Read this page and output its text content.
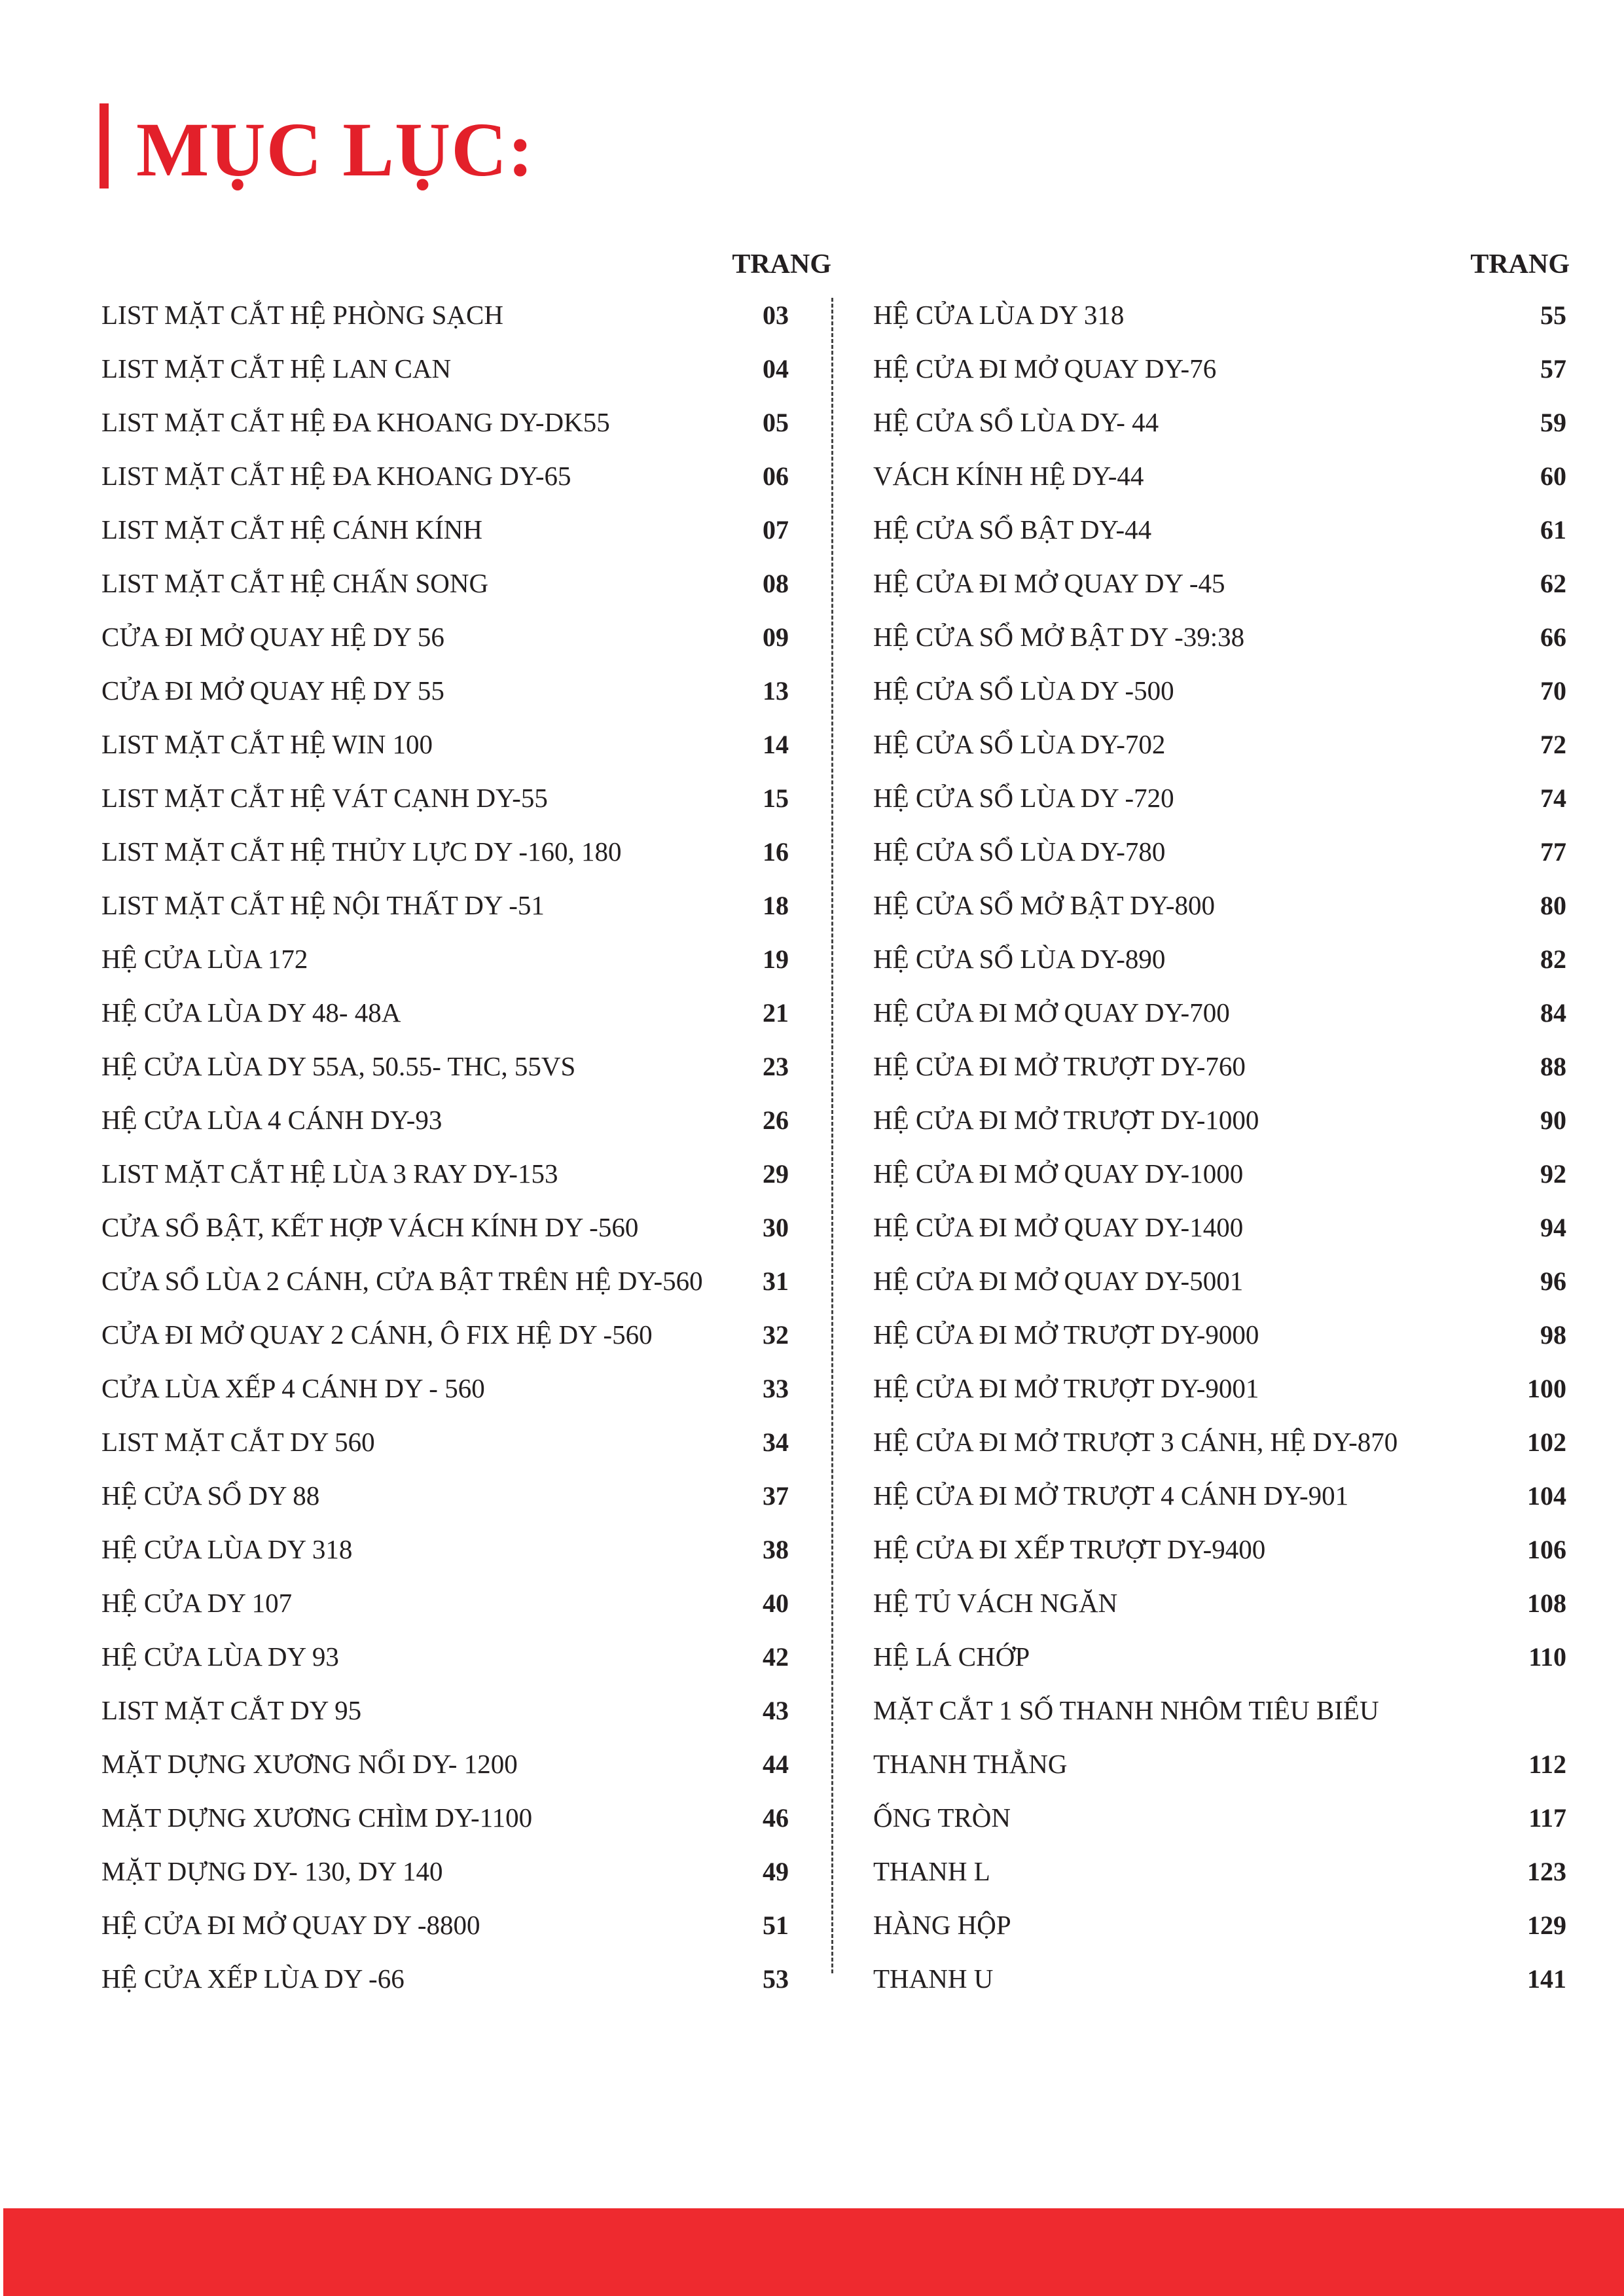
MỤC LỤC:
TRANG
LIST MẶT CẮT HỆ PHÒNG SẠCH	03
LIST MẶT CẮT HỆ LAN CAN	04
LIST MẶT CẮT HỆ ĐA KHOANG DY-DK55	05
LIST MẶT CẮT HỆ ĐA KHOANG DY-65	06
LIST MẶT CẮT HỆ CÁNH KÍNH	07
LIST MẶT CẮT HỆ CHẤN SONG	08
CỬA ĐI MỞ QUAY HỆ DY 56	09
CỬA ĐI MỞ QUAY HỆ DY 55	13
LIST MẶT CẮT HỆ WIN 100	14
LIST MẶT CẮT HỆ VÁT CẠNH DY-55	15
LIST MẶT CẮT HỆ THỦY LỰC DY -160, 180	16
LIST MẶT CẮT HỆ NỘI THẤT DY -51	18
HỆ CỬA LÙA 172	19
HỆ CỬA LÙA DY 48- 48A	21
HỆ CỬA LÙA DY 55A, 50.55- THC, 55VS	23
HỆ CỬA LÙA 4 CÁNH DY-93	26
LIST MẶT CẮT HỆ LÙA 3 RAY DY-153	29
CỬA SỔ BẬT, KẾT HỢP VÁCH KÍNH DY -560	30
CỬA SỔ LÙA 2 CÁNH, CỬA BẬT TRÊN HỆ DY-560	31
CỬA ĐI MỞ QUAY 2 CÁNH, Ô FIX HỆ DY -560	32
CỬA LÙA XẾP 4 CÁNH DY - 560	33
LIST MẶT CẮT DY 560	34
HỆ CỬA SỔ DY 88	37
HỆ CỬA LÙA DY 318	38
HỆ CỬA DY 107	40
HỆ CỬA LÙA DY 93	42
LIST MẶT CẮT DY 95	43
MẶT DỰNG XƯƠNG NỔI DY- 1200	44
MẶT DỰNG XƯƠNG CHÌM DY-1100	46
MẶT DỰNG DY- 130, DY 140	49
HỆ CỬA ĐI MỞ QUAY DY -8800	51
HỆ CỬA XẾP LÙA DY -66	53
TRANG
HỆ CỬA LÙA DY 318	55
HỆ CỬA ĐI MỞ QUAY DY-76	57
HỆ CỬA SỔ LÙA DY- 44	59
VÁCH KÍNH HỆ DY-44	60
HỆ CỬA SỔ BẬT DY-44	61
HỆ CỬA ĐI MỞ QUAY DY -45	62
HỆ CỬA SỔ MỞ BẬT DY -39:38	66
HỆ CỬA SỔ LÙA DY -500	70
HỆ CỬA SỔ LÙA DY-702	72
HỆ CỬA SỔ LÙA DY -720	74
HỆ CỬA SỔ LÙA DY-780	77
HỆ CỬA SỔ MỞ BẬT DY-800	80
HỆ CỬA SỔ LÙA DY-890	82
HỆ CỬA ĐI MỞ QUAY DY-700	84
HỆ CỬA ĐI MỞ TRƯỢT DY-760	88
HỆ CỬA ĐI MỞ TRƯỢT DY-1000	90
HỆ CỬA ĐI MỞ QUAY DY-1000	92
HỆ CỬA ĐI MỞ QUAY DY-1400	94
HỆ CỬA ĐI MỞ QUAY DY-5001	96
HỆ CỬA ĐI MỞ TRƯỢT DY-9000	98
HỆ CỬA ĐI MỞ TRƯỢT DY-9001	100
HỆ CỬA ĐI MỞ TRƯỢT 3 CÁNH, HỆ DY-870	102
HỆ CỬA ĐI MỞ TRƯỢT 4 CÁNH DY-901	104
HỆ CỬA ĐI XẾP TRƯỢT DY-9400	106
HỆ TỦ VÁCH NGĂN	108
HỆ LÁ CHỚP	110
MẶT CẮT 1 SỐ THANH NHÔM TIÊU BIỂU
THANH THẲNG	112
ỐNG TRÒN	117
THANH L	123
HÀNG HỘP	129
THANH U	141
